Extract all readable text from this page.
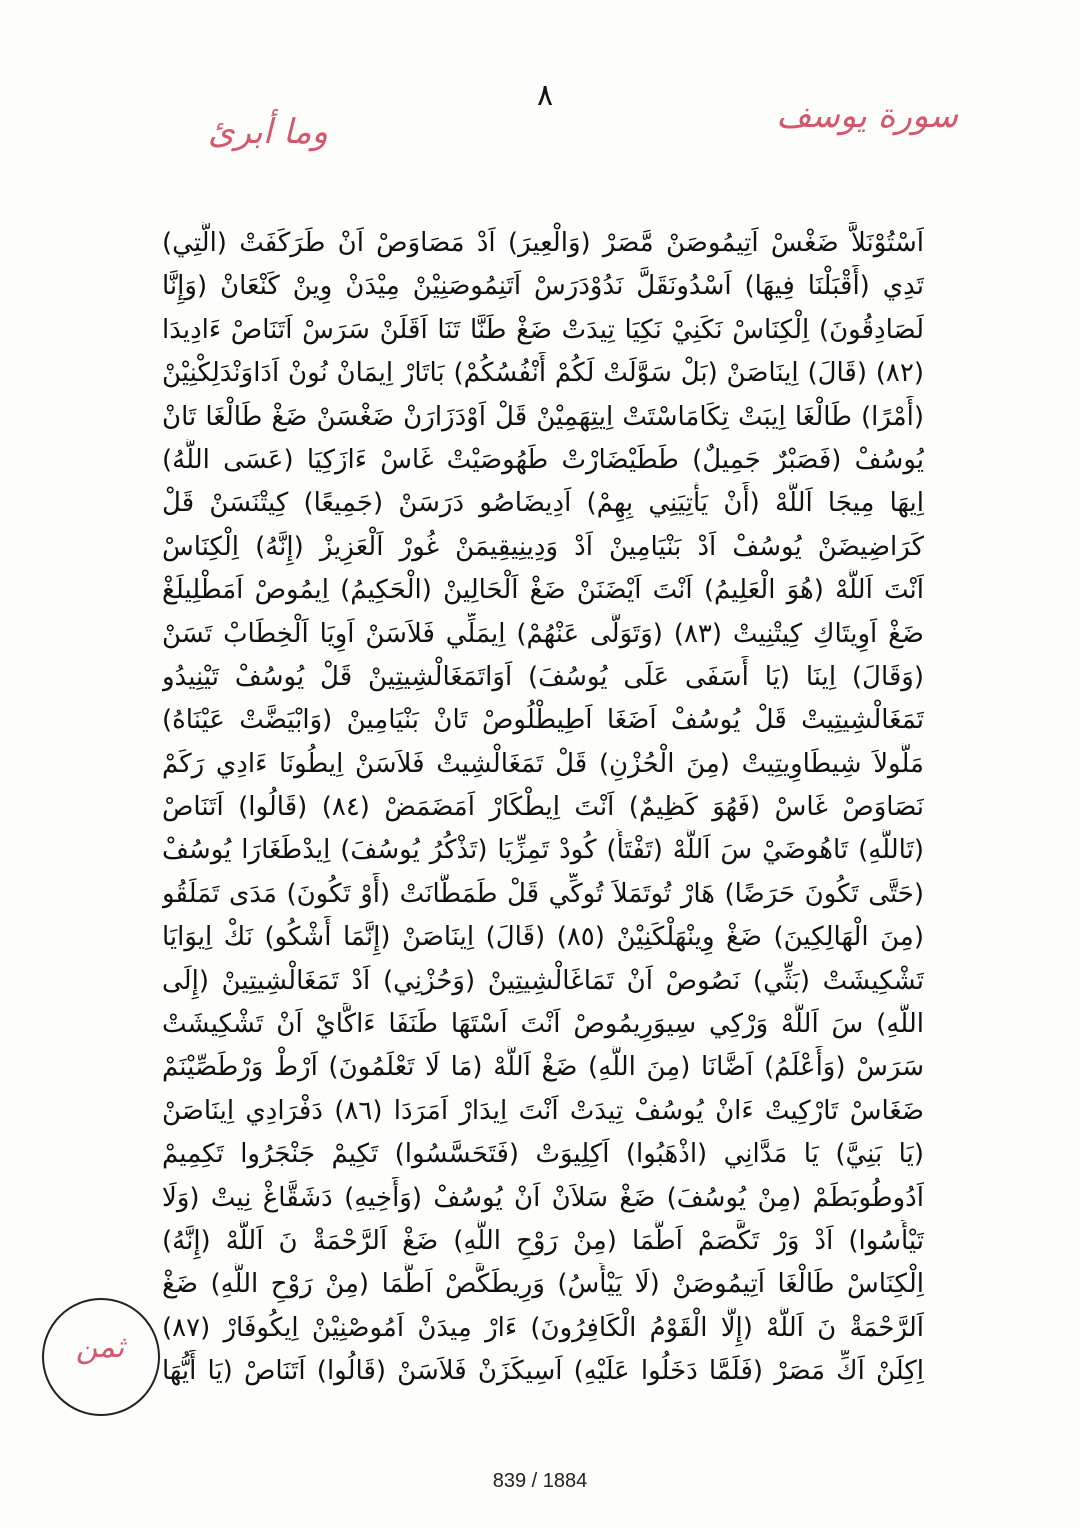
٨
سورة يوسف
وما أبرئ
اَسْتُوْنَلاَّ ضَغْسْ اَتِيمُوصَنْ مَّصَرْ (وَالْعِيرَ) اَدْ مَصَاوَصْ اَنْ طَرَكَفَتْ (الَّتِي)
تَدِي (أَقْبَلْنَا فِيهَا) اَسْدُونَقَلَّ نَدُوْدَرَسْ اَتَنِمُوصَنِيْنْ مِيْدَنْ وِينْ كَنْعَانْ (وَإِنَّا
لَصَادِقُونَ) اِلْكِنَاسْ نَكَنِيْ نَكِيَا تِيدَتْ ضَغْ طَنَّا تَنَا اَقَلَنْ سَرَسْ اَتَنَاصْ ءَادِيدَا
(٨٢) (قَالَ) اِينَاصَنْ (بَلْ سَوَّلَتْ لَكُمْ أَنْفُسُكُمْ) بَاتَارْ اِيمَانْ نُونْ اَدَاوَنْدَلِكْنِيْنْ
(أَمْرًا) طَالْغَا اِيبَتْ تِكَامَاسْتَتْ اِيتِهَمِيْنْ قَلْ اَوْدَزَارَنْ ضَغْسَنْ ضَغْ طَالْغَا تَانْ
يُوسُفْ (فَصَبْرٌ جَمِيلٌ) طَطَيْضَارْتْ طَهُوصَيْتْ غَاسْ ءَازَكِيَا (عَسَى اللَّهُ)
اِيهَا مِيجَا اَللَّهْ (أَنْ يَأْتِيَنِي بِهِمْ) اَدِيضَاصُو دَرَسَنْ (جَمِيعًا) كِيتْنَسَنْ قَلْ
كَرَاضِيضَنْ يُوسُفْ اَدْ بَنْيَامِينْ اَدْ وَدِينِيقِيمَنْ غُورْ اَلْعَزِيزْ (إِنَّهُ) اِلْكِنَاسْ
اَنْتَ اَللَّهْ (هُوَ الْعَلِيمُ) اَنْتَ اَيْضَنَنْ ضَغْ اَلْحَالِينْ (الْحَكِيمُ) اِيمُوصْ اَمَطْلِيلَغْ
ضَغْ اَوِيتَاكِ كِيتْنِيتْ (٨٣) (وَتَوَلَّى عَنْهُمْ) اِيمَلِّي فَلاَسَنْ اَوِيَا اَلْخِطَابْ تَسَنْ
(وَقَالَ) اِينَا (يَا أَسَفَى عَلَى يُوسُفَ) اَوَاتَمَغَالْشِيتِينْ قَلْ يُوسُفْ تَيْنِيدُو
تَمَغَالْشِيتِيتْ قَلْ يُوسُفْ اَضَغَا اَطِيطْلُوصْ تَانْ بَنْيَامِينْ (وَابْيَضَّتْ عَيْنَاهُ)
مَلُّولاَ شِيطَاوِيتِيتْ (مِنَ الْحُزْنِ) قَلْ تَمَغَالْشِيتْ فَلاَسَنْ اِيطُونَا ءَادِي رَكَمْ
نَصَاوَصْ غَاسْ (فَهُوَ كَظِيمٌ) اَنْتَ اِيطْكَارْ اَمَضَمَضْ (٨٤) (قَالُوا) اَتَنَاصْ
(تَاللَّهِ) تَاهُوضَيْ سَ اَللَّهْ (تَفْتَأُ) كُودْ تَمِزِّيَا (تَذْكُرُ يُوسُفَ) اِيدْطَغَارَا يُوسُفْ
(حَتَّى تَكُونَ حَرَضًا) هَارْ تُوتَمَلاَ تُوكِّي قَلْ طَمَطَّانَتْ (أَوْ تَكُونَ) مَدَى تَمَلَقُو
(مِنَ الْهَالِكِينَ) ضَغْ وِينْهَلْكَنِيْنْ (٨٥) (قَالَ) اِينَاصَنْ (إِنَّمَا أَشْكُو) نَكْ اِيوَايَا
تَشْكِيشَتْ (بَثِّي) نَصُوصْ اَنْ تَمَاغَالْشِيتِينْ (وَحُزْنِي) اَدْ تَمَغَالْشِيتِينْ (إِلَى
اللَّهِ) سَ اَللَّهْ وَرْكِي سِيوَرِيمُوصْ اَنْتَ اَسْتَهَا طَنَفَا ءَاكَّايْ اَنْ تَشْكِيشَتْ
سَرَسْ (وَأَعْلَمُ) اَضَّانَا (مِنَ اللَّهِ) ضَغْ اَللَّهْ (مَا لَا تَعْلَمُونَ) اَرْطْ وَرْطَصِّيْنَمْ
ضَغَاسْ تَارْكِيتْ ءَانْ يُوسُفْ تِيدَتْ اَنْتَ اِيدَارْ اَمَرَدَا (٨٦) دَفْرَادِي اِينَاصَنْ
(يَا بَنِيَّ) يَا مَدَّانِي (اذْهَبُوا) اَكِلِيوَتْ (فَتَحَسَّسُوا) تَكِيمْ جَنْجَرُوا تَكِمِيمْ
اَدُوطُوبَطَمْ (مِنْ يُوسُفَ) ضَغْ سَلاَنْ اَنْ يُوسُفْ (وَأَخِيهِ) دَشَقَّاغْ نِيتْ (وَلَا
تَيْأَسُوا) اَدْ وَرْ تَكَّصَمْ اَطَّمَا (مِنْ رَوْحِ اللَّهِ) ضَغْ اَلرَّحْمَةْ نَ اَللَّهْ (إِنَّهُ)
اِلْكِنَاسْ طَالْغَا اَتِيمُوصَنْ (لَا يَيْأَسُ) وَرِيطَكَّصْ اَطَّمَا (مِنْ رَوْحِ اللَّهِ) ضَغْ
اَلرَّحْمَةْ نَ اَللَّهْ (إِلَّا الْقَوْمُ الْكَافِرُونَ) ءَارْ مِيدَنْ اَمُوصْنِيْنْ اِيكُوفَارْ (٨٧)
اِكِلَنْ اَكِّ مَصَرْ (فَلَمَّا دَخَلُوا عَلَيْهِ) اَسِيكَزَنْ فَلاَسَنْ (قَالُوا) اَتَنَاصْ (يَا أَيُّهَا
ثمن
839 / 1884
